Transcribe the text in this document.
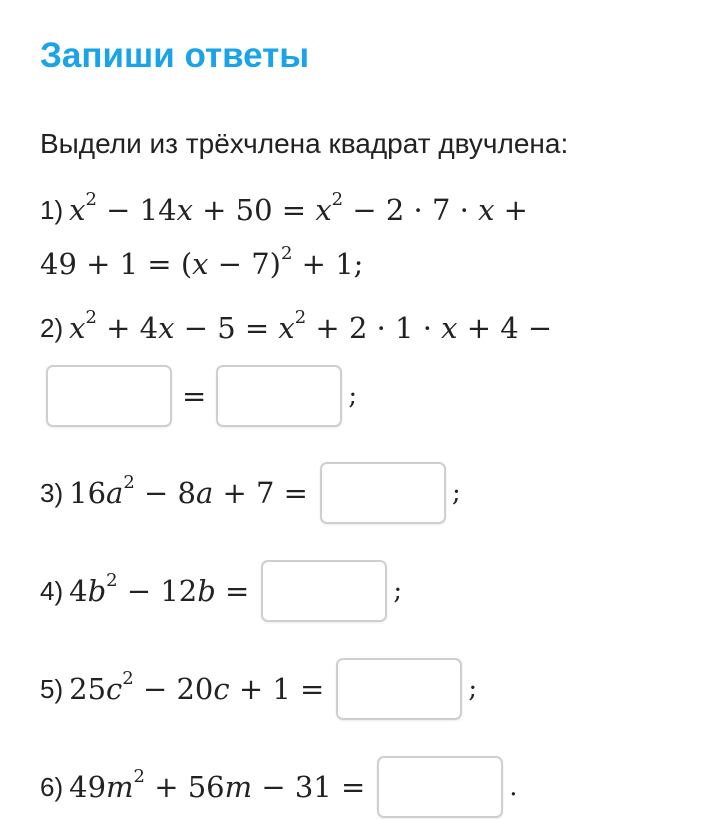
Запиши ответы
Выдели из трёхчлена квадрат двучлена:
1) $x^2 - 14x + 50 = x^2 - 2 \cdot 7 \cdot x$ +
$49 + 1 = (x - 7)^2 + 1$;
2) $x^2 + 4x - 5 = x^2 + 2 \cdot 1 \cdot x + 4$ −
=	;
3) $16a^2 - 8a + 7$ =	;
4) $4b^2 - 12b$ =	;
5) $25c^2 - 20c + 1$ =	;
6) $49m^2 + 56m - 31$ =	.
